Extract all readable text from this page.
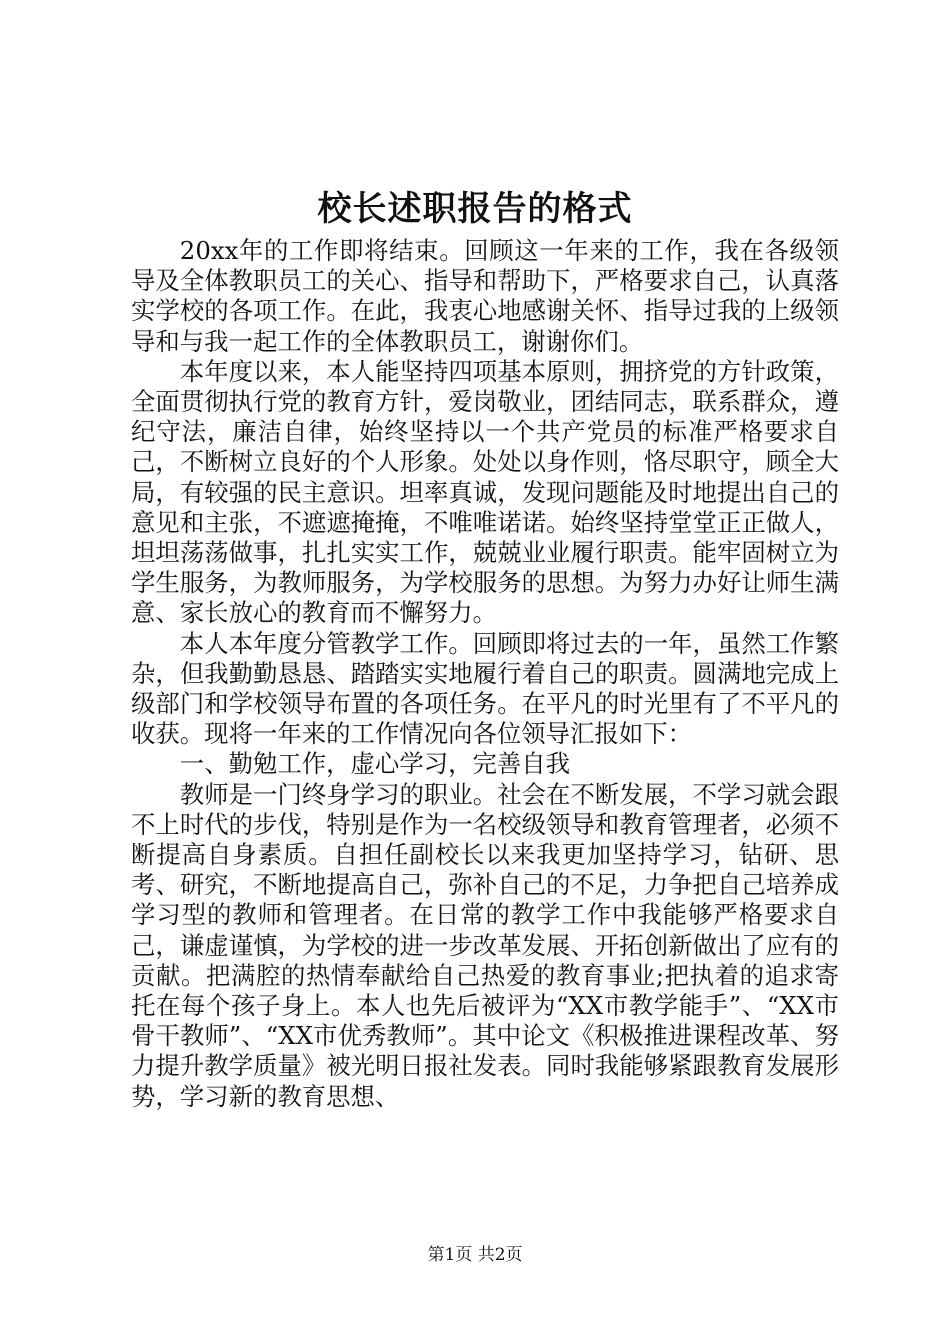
校长述职报告的格式

20xx年的工作即将结束。回顾这一年来的工作，我在各级领导及全体教职员工的关心、指导和帮助下，严格要求自己，认真落实学校的各项工作。在此，我衷心地感谢关怀、指导过我的上级领导和与我一起工作的全体教职员工，谢谢你们。

本年度以来，本人能坚持四项基本原则，拥挤党的方针政策，全面贯彻执行党的教育方针，爱岗敬业，团结同志，联系群众，遵纪守法，廉洁自律，始终坚持以一个共产党员的标准严格要求自己，不断树立良好的个人形象。处处以身作则，恪尽职守，顾全大局，有较强的民主意识。坦率真诚，发现问题能及时地提出自己的意见和主张，不遮遮掩掩，不唯唯诺诺。始终坚持堂堂正正做人，坦坦荡荡做事，扎扎实实工作，兢兢业业履行职责。能牢固树立为学生服务，为教师服务，为学校服务的思想。为努力办好让师生满意、家长放心的教育而不懈努力。

本人本年度分管教学工作。回顾即将过去的一年，虽然工作繁杂，但我勤勤恳恳、踏踏实实地履行着自己的职责。圆满地完成上级部门和学校领导布置的各项任务。在平凡的时光里有了不平凡的收获。现将一年来的工作情况向各位领导汇报如下：

一、勤勉工作，虚心学习，完善自我

教师是一门终身学习的职业。社会在不断发展，不学习就会跟不上时代的步伐，特别是作为一名校级领导和教育管理者，必须不断提高自身素质。自担任副校长以来我更加坚持学习，钻研、思考、研究，不断地提高自己，弥补自己的不足，力争把自己培养成学习型的教师和管理者。在日常的教学工作中我能够严格要求自己，谦虚谨慎，为学校的进一步改革发展、开拓创新做出了应有的贡献。把满腔的热情奉献给自己热爱的教育事业;把执着的追求寄托在每个孩子身上。本人也先后被评为“XX市教学能手”、“XX市骨干教师”、“XX市优秀教师”。其中论文《积极推进课程改革、努力提升教学质量》被光明日报社发表。同时我能够紧跟教育发展形势，学习新的教育思想、

第1页 共2页
